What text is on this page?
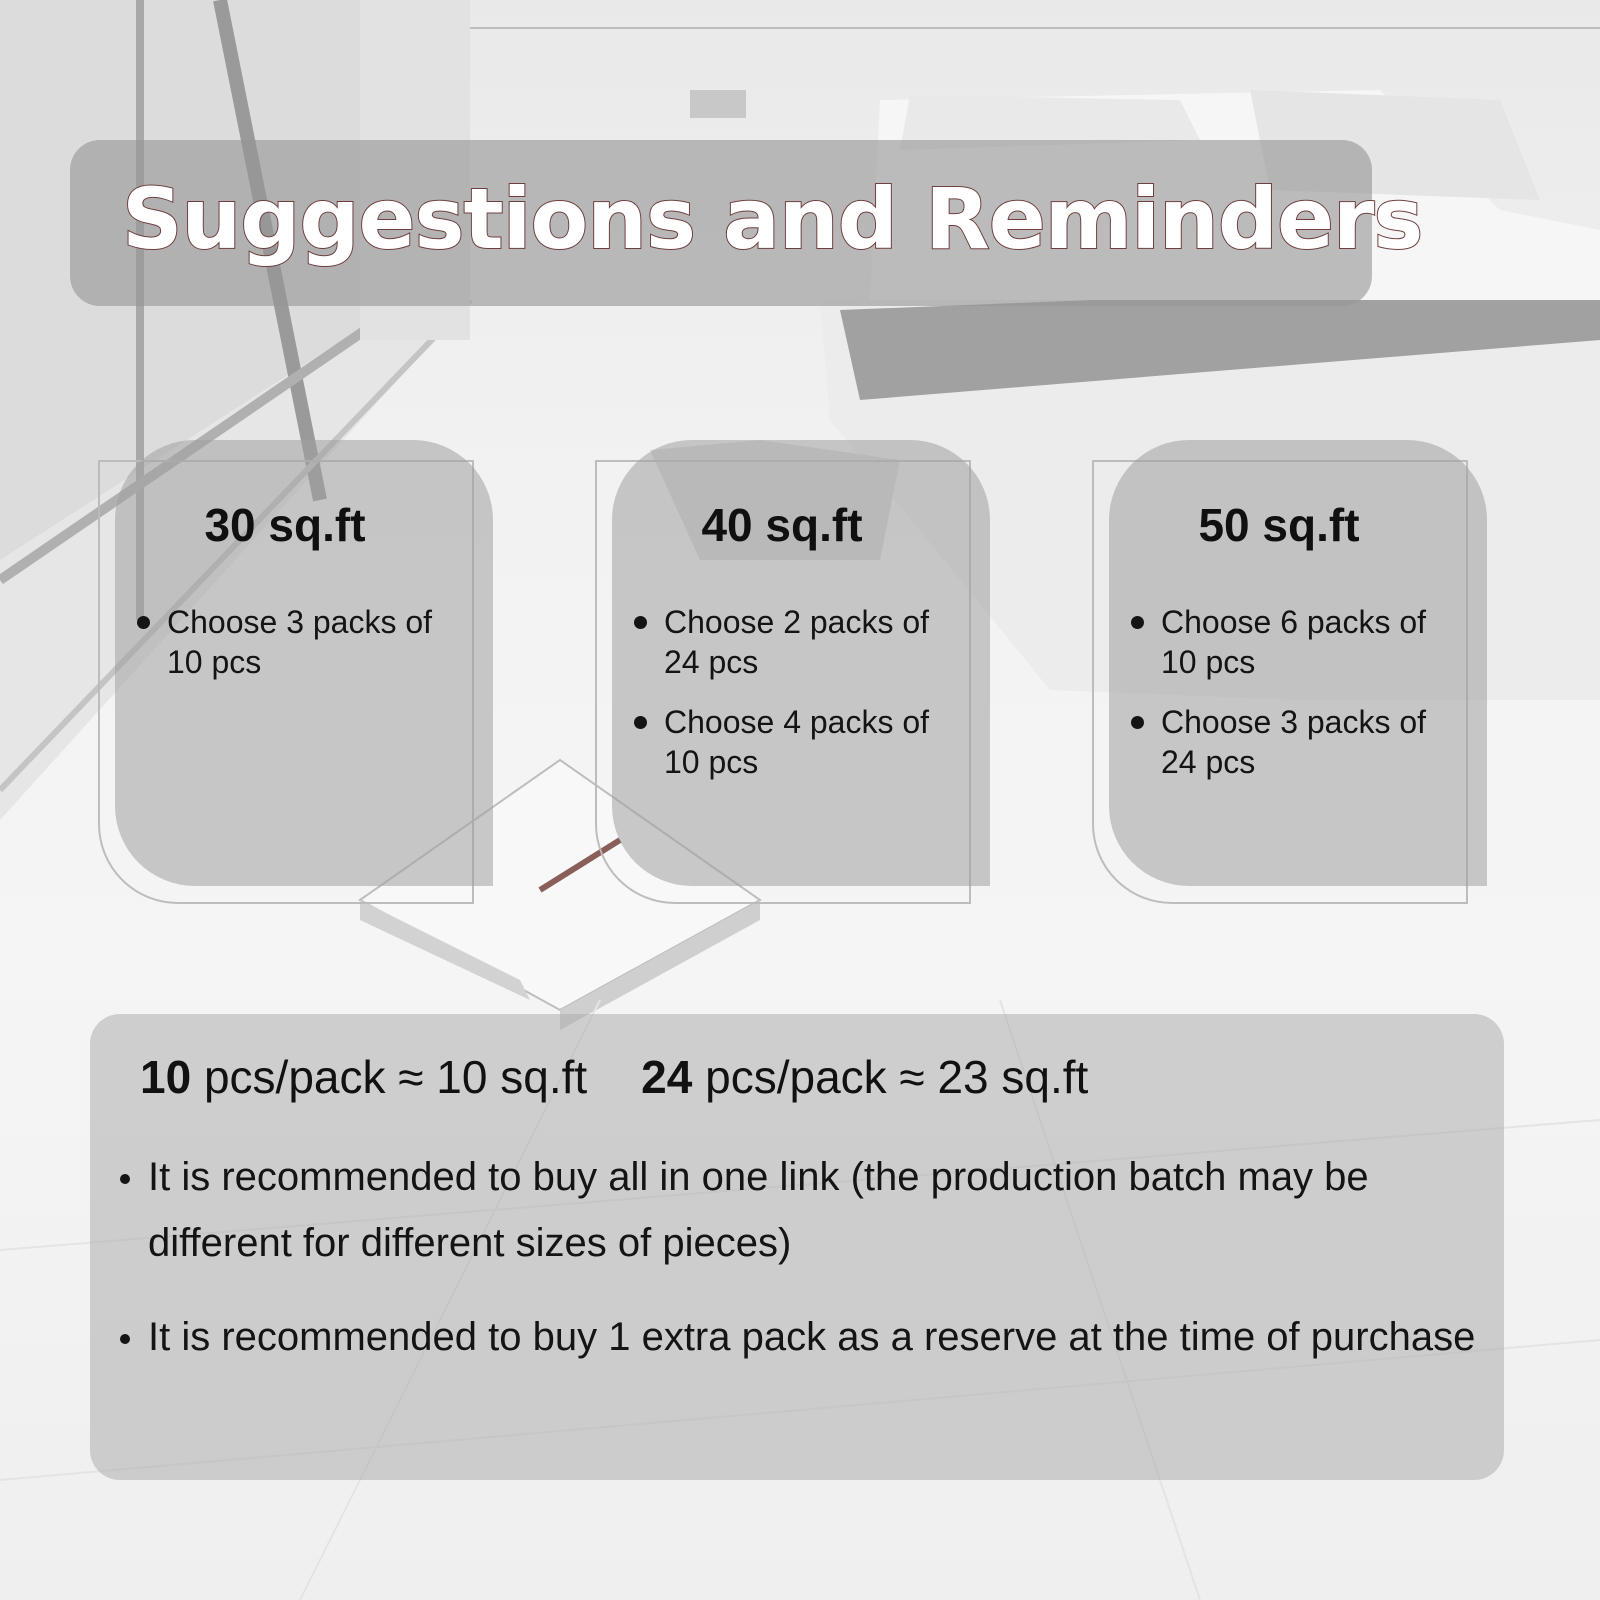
Suggestions and Reminders
30 sq.ft
Choose 3 packs of 10 pcs
40 sq.ft
Choose 2 packs of 24 pcs
Choose 4 packs of 10 pcs
50 sq.ft
Choose 6 packs of 10 pcs
Choose 3 packs of 24 pcs
10 pcs/pack ≈ 10 sq.ft 24 pcs/pack ≈ 23 sq.ft
It is recommended to buy all in one link (the production batch may be different for different sizes of pieces)
It is recommended to buy 1 extra pack as a reserve at the time of purchase
